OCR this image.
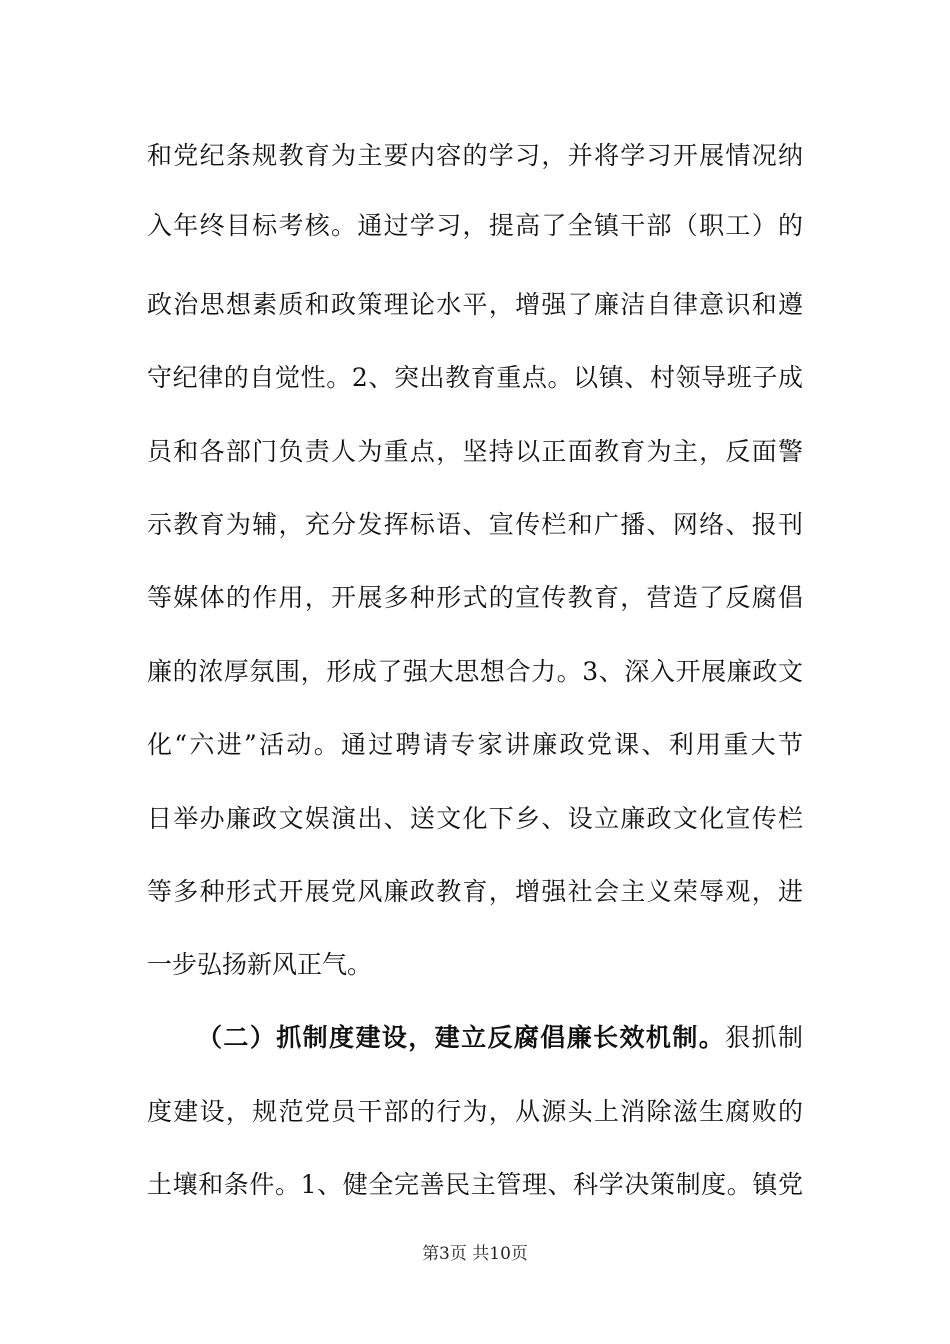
和党纪条规教育为主要内容的学习，并将学习开展情况纳
入年终目标考核。通过学习，提高了全镇干部（职工）的
政治思想素质和政策理论水平，增强了廉洁自律意识和遵
守纪律的自觉性。2、突出教育重点。以镇、村领导班子成
员和各部门负责人为重点，坚持以正面教育为主，反面警
示教育为辅，充分发挥标语、宣传栏和广播、网络、报刊
等媒体的作用，开展多种形式的宣传教育，营造了反腐倡
廉的浓厚氛围，形成了强大思想合力。3、深入开展廉政文
化“六进”活动。通过聘请专家讲廉政党课、利用重大节
日举办廉政文娱演出、送文化下乡、设立廉政文化宣传栏
等多种形式开展党风廉政教育，增强社会主义荣辱观，进
一步弘扬新风正气。
（二）抓制度建设，建立反腐倡廉长效机制。狠抓制
度建设，规范党员干部的行为，从源头上消除滋生腐败的
土壤和条件。1、健全完善民主管理、科学决策制度。镇党
第3页 共10页
